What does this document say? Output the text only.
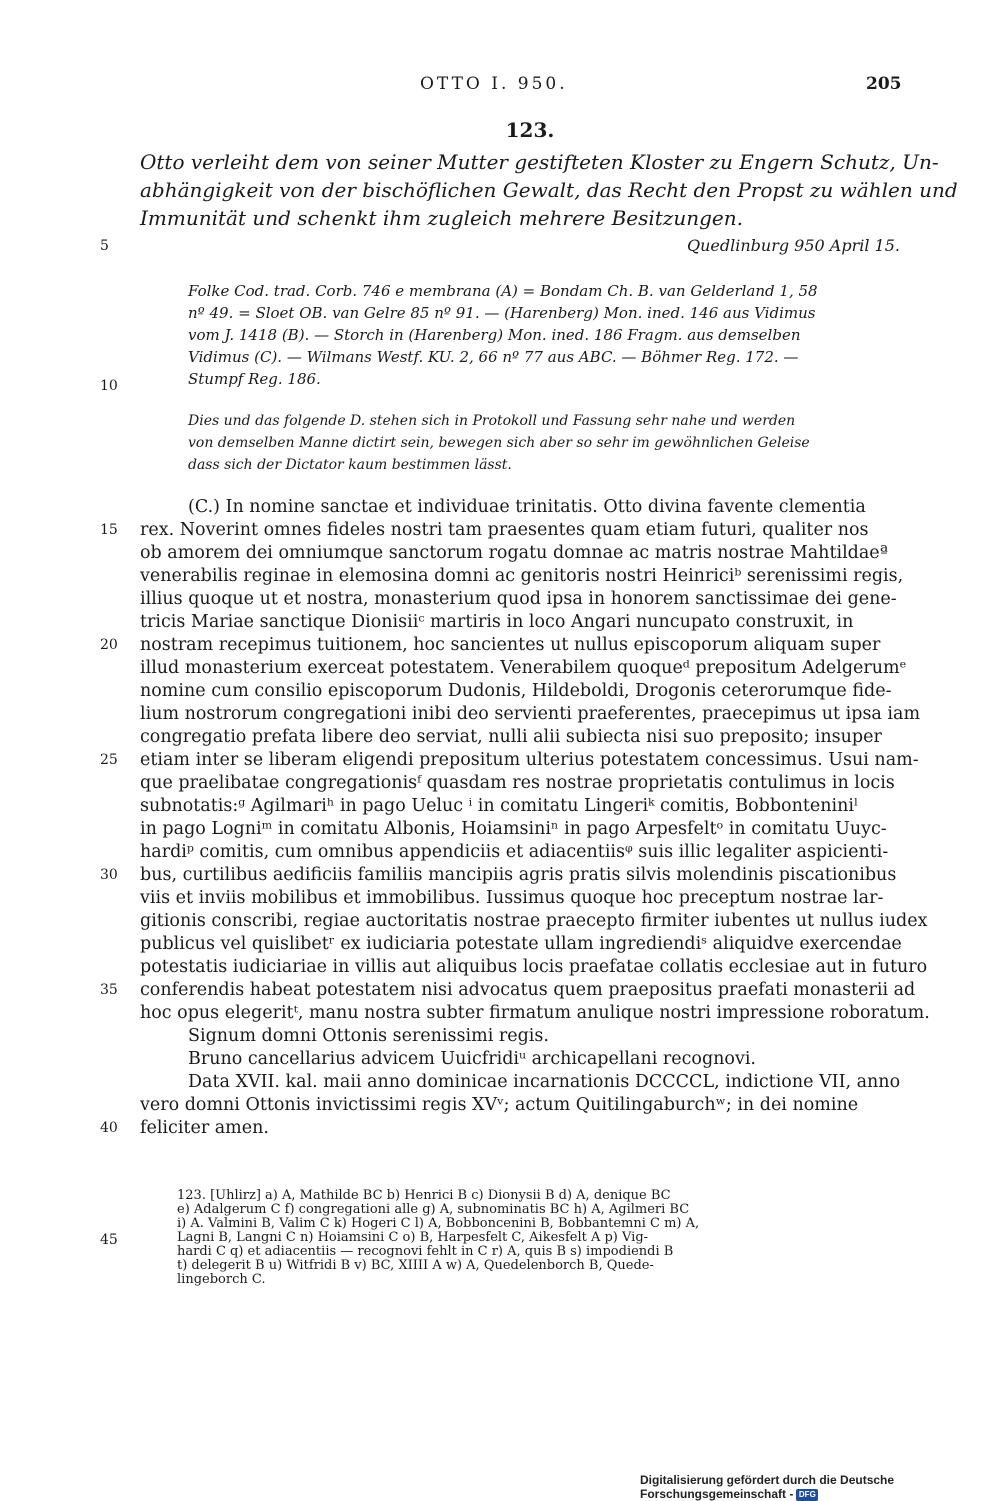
OTTO I. 950.	205
123.
Otto verleiht dem von seiner Mutter gestifteten Kloster zu Engern Schutz, Un-
abhängigkeit von der bischöflichen Gewalt, das Recht den Propst zu wählen und
Immunität und schenkt ihm zugleich mehrere Besitzungen.
5	Quedlinburg 950 April 15.
Folke Cod. trad. Corb. 746 e membrana (A) = Bondam Ch. B. van Gelderland 1, 58
nº 49. = Sloet OB. van Gelre 85 nº 91. — (Harenberg) Mon. ined. 146 aus Vidimus
vom J. 1418 (B). — Storch in (Harenberg) Mon. ined. 186 Fragm. aus demselben
Vidimus (C). — Wilmans Westf. KU. 2, 66 nº 77 aus ABC. — Böhmer Reg. 172. —
Stumpf Reg. 186.
10
Dies und das folgende D. stehen sich in Protokoll und Fassung sehr nahe und werden
von demselben Manne dictirt sein, bewegen sich aber so sehr im gewöhnlichen Geleise
dass sich der Dictator kaum bestimmen lässt.
(C.) In nomine sanctae et individuae trinitatis. Otto divina favente clementia
rex. Noverint omnes fideles nostri tam praesentes quam etiam futuri, qualiter nos
ob amorem dei omniumque sanctorum rogatu domnae ac matris nostrae Mahtildaeª
venerabilis reginae in elemosina domni ac genitoris nostri Heinriciᵇ serenissimi regis,
illius quoque ut et nostra, monasterium quod ipsa in honorem sanctissimae dei gene-
tricis Mariae sanctique Dionisiiᶜ martiris in loco Angari nuncupato construxit, in
nostram recepimus tuitionem, hoc sancientes ut nullus episcoporum aliquam super
illud monasterium exerceat potestatem. Venerabilem quoqueᵈ prepositum Adelgerumᵉ
nomine cum consilio episcoporum Dudonis, Hildeboldi, Drogonis ceterorumque fide-
lium nostrorum congregationi inibi deo servienti praeferentes, praecepimus ut ipsa iam
congregatio prefata libere deo serviat, nulli alii subiecta nisi suo preposito; insuper
etiam inter se liberam eligendi prepositum ulterius potestatem concessimus. Usui nam-
que praelibatae congregationisᶠ quasdam res nostrae proprietatis contulimus in locis
subnotatis:ᵍ Agilmariʰ in pago Ueluc ⁱ in comitatu Lingeriᵏ comitis, Bobbonteniniˡ
in pago Logniᵐ in comitatu Albonis, Hoiamsiniⁿ in pago Arpesfeltᵒ in comitatu Uuyc-
hardiᵖ comitis, cum omnibus appendiciis et adiacentiisᵠ suis illic legaliter aspicienti-
bus, curtilibus aedificiis familiis mancipiis agris pratis silvis molendinis piscationibus
viis et inviis mobilibus et immobilibus. Iussimus quoque hoc preceptum nostrae lar-
gitionis conscribi, regiae auctoritatis nostrae praecepto firmiter iubentes ut nullus iudex
publicus vel quislibetʳ ex iudiciaria potestate ullam ingrediendiˢ aliquidve exercendae
potestatis iudiciariae in villis aut aliquibus locis praefatae collatis ecclesiae aut in futuro
conferendis habeat potestatem nisi advocatus quem praepositus praefati monasterii ad
hoc opus elegeritᵗ, manu nostra subter firmatum anulique nostri impressione roboratum.
Signum domni Ottonis serenissimi regis.
Bruno cancellarius advicem Uuicfridiᵘ archicapellani recognovi.
Data XVII. kal. maii anno dominicae incarnationis DCCCCL, indictione VII, anno
vero domni Ottonis invictissimi regis XVᵛ; actum Quitilingaburchʷ; in dei nomine
feliciter amen.
15
20
25
30
35
40
123. [Uhlirz] a) A, Mathilde BC b) Henrici B c) Dionysii B d) A, denique BC
e) Adalgerum C f) congregationi alle g) A, subnominatis BC h) A, Agilmeri BC
i) A. Valmini B, Valim C k) Hogeri C l) A, Bobbonceninі B, Bobbantemni C m) A,
Lagni B, Langni C n) Hoiamsini C o) B, Harpesfelt C, Aikesfelt A p) Vig-
hardi C q) et adiacentiis — recognovi fehlt in C r) A, quis B s) impodiendi B
t) delegerit B u) Witfridi B v) BC, XIIII A w) A, Quedelenborch B, Quede-
lingeborch C.
45
Digitalisierung gefördert durch die Deutsche Forschungsgemeinschaft - DFG
